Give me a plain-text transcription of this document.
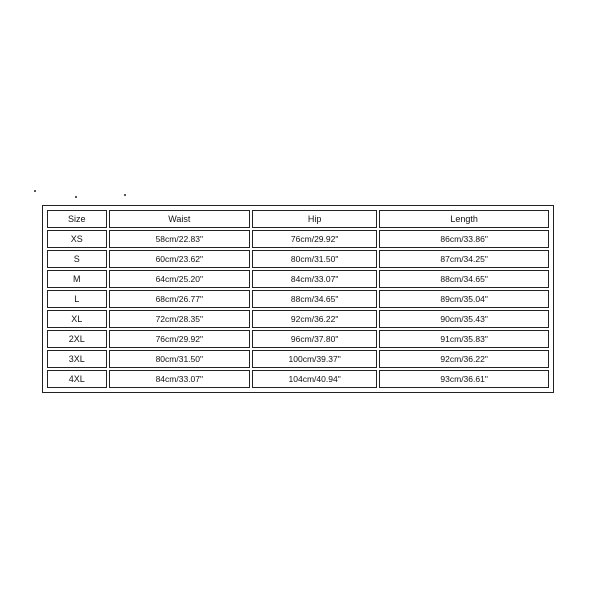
Size	Waist	Hip	Length
XS	58cm/22.83"	76cm/29.92"	86cm/33.86"
S	60cm/23.62"	80cm/31.50"	87cm/34.25"
M	64cm/25.20"	84cm/33.07"	88cm/34.65"
L	68cm/26.77"	88cm/34.65"	89cm/35.04"
XL	72cm/28.35"	92cm/36.22"	90cm/35.43"
2XL	76cm/29.92"	96cm/37.80"	91cm/35.83"
3XL	80cm/31.50"	100cm/39.37"	92cm/36.22"
4XL	84cm/33.07"	104cm/40.94"	93cm/36.61"
